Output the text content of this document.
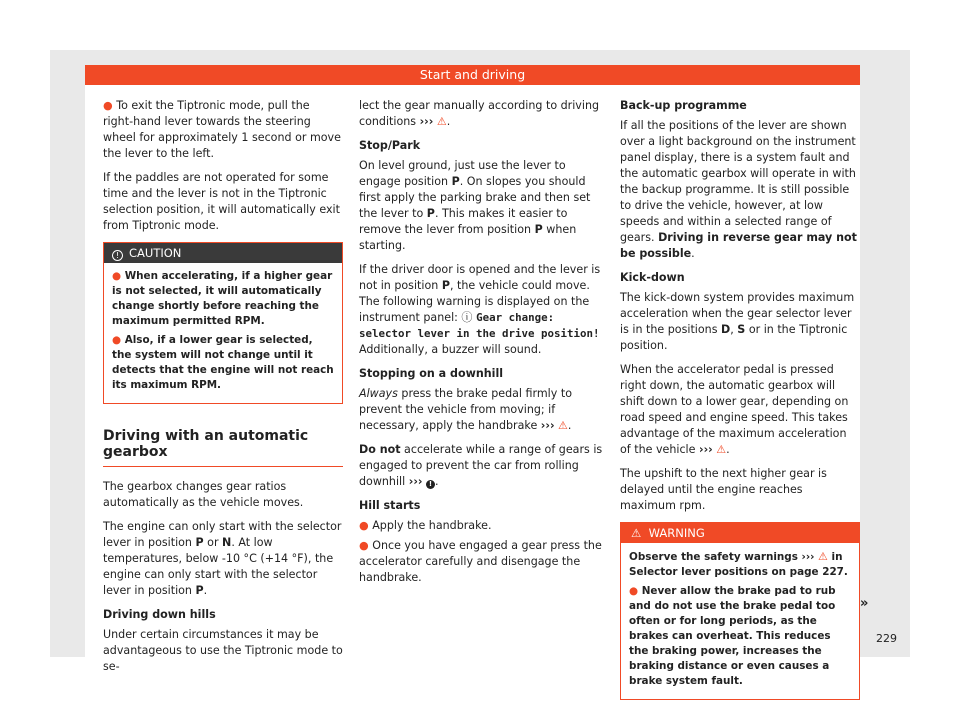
Start and driving

● To exit the Tiptronic mode, pull the right-hand lever towards the steering wheel for approximately 1 second or move the lever to the left.

If the paddles are not operated for some time and the lever is not in the Tiptronic selection position, it will automatically exit from Tiptronic mode.

! CAUTION

● When accelerating, if a higher gear is not selected, it will automatically change shortly before reaching the maximum permitted RPM.

● Also, if a lower gear is selected, the system will not change until it detects that the engine will not reach its maximum RPM.

Driving with an automatic gearbox

The gearbox changes gear ratios automatically as the vehicle moves.

The engine can only start with the selector lever in position P or N. At low temperatures, below -10 °C (+14 °F), the engine can only start with the selector lever in position P.

Driving down hills

Under certain circumstances it may be advantageous to use the Tiptronic mode to se-

lect the gear manually according to driving conditions ››› ⚠.

Stop/Park

On level ground, just use the lever to engage position P. On slopes you should first apply the parking brake and then set the lever to P. This makes it easier to remove the lever from position P when starting.

If the driver door is opened and the lever is not in position P, the vehicle could move. The following warning is displayed on the instrument panel: ⓘ Gear change: selector lever in the drive position! Additionally, a buzzer will sound.

Stopping on a downhill

Always press the brake pedal firmly to prevent the vehicle from moving; if necessary, apply the handbrake ››› ⚠.

Do not accelerate while a range of gears is engaged to prevent the car from rolling downhill ››› ! .

Hill starts

● Apply the handbrake.

● Once you have engaged a gear press the accelerator carefully and disengage the handbrake.

Back-up programme

If all the positions of the lever are shown over a light background on the instrument panel display, there is a system fault and the automatic gearbox will operate in with the backup programme. It is still possible to drive the vehicle, however, at low speeds and within a selected range of gears. Driving in reverse gear may not be possible.

Kick-down

The kick-down system provides maximum acceleration when the gear selector lever is in the positions D, S or in the Tiptronic position.

When the accelerator pedal is pressed right down, the automatic gearbox will shift down to a lower gear, depending on road speed and engine speed. This takes advantage of the maximum acceleration of the vehicle ››› ⚠.

The upshift to the next higher gear is delayed until the engine reaches maximum rpm.

⚠ WARNING

Observe the safety warnings ››› ⚠ in Selector lever positions on page 227.

● Never allow the brake pad to rub and do not use the brake pedal too often or for long periods, as the brakes can overheat. This reduces the braking power, increases the braking distance or even causes a brake system fault.

»
229
